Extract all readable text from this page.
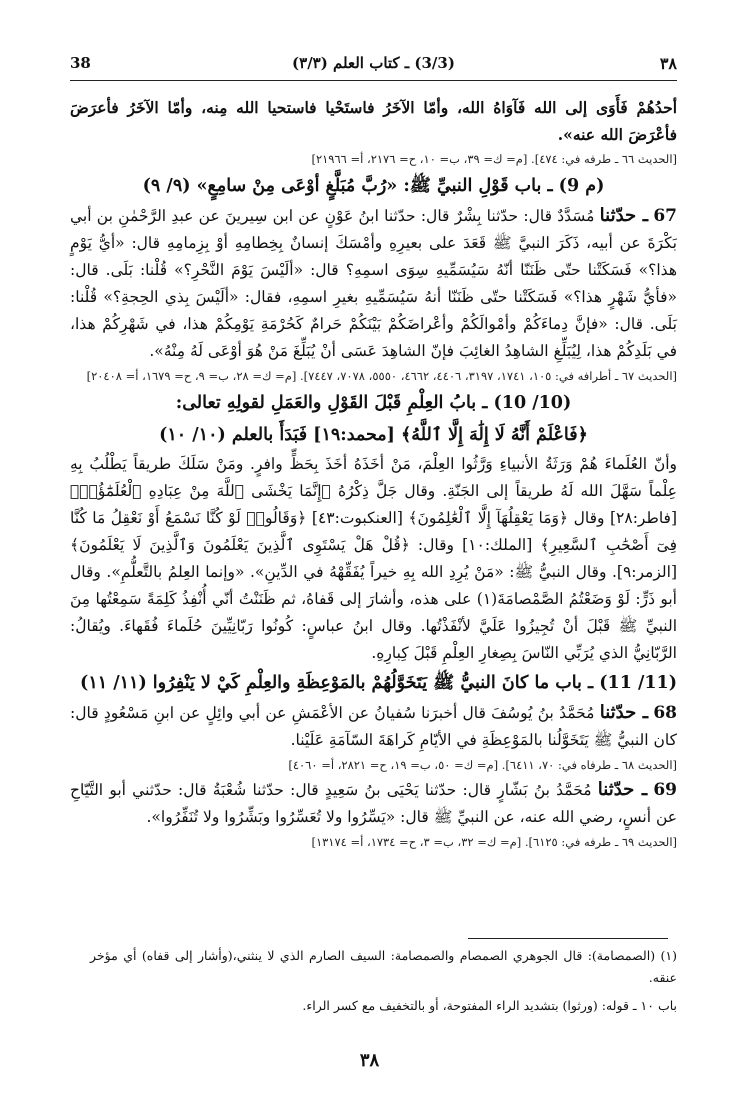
38	(3/3) ـ كتاب العلم (٣/٣)	٣٨

أحدُهُمْ فَأَوَى إلى الله فَآوَاهُ الله، وأمّا الآخَرُ فاستَحْيا فاستحيا الله مِنه، وأمّا الآخَرُ فأعرَضَ فأعْرَضَ الله عنه».

[الحديث ٦٦ ـ طرفه في: ٤٧٤]. [م= ك= ٣٩، ب= ١٠، ح= ٢١٧٦، أ= ٢١٩٦٦]

(م 9) ـ باب قَوْلِ النبيِّ ﷺ: «رُبَّ مُبَلَّغٍ أوْعَى مِنْ سامِعٍ» (٩/ ٩)

67 ـ حدّثنا مُسَدَّدٌ قال: حدّثنا بِشْرٌ قال: حدّثنا ابنُ عَوْنٍ عن ابن سِيرينَ عن عبدِ الرَّحْمٰنِ بن أبي بَكْرَةَ عن أبيه، ذَكَرَ النبيَّ ﷺ قَعَدَ على بعيرِهِ وأمْسَكَ إنسانٌ بِخِطامِهِ أوْ بِزِمامِهِ قال: «أيُّ يَوْمٍ هذا؟» فَسَكَتْنا حتّى ظَنَنّا أنّهُ سَيُسَمِّيهِ سِوَى اسمِهِ؟ قال: «ألَيْسَ يَوْمَ النَّحْرِ؟» قُلْنا: بَلَى. قال: «فأيُّ شَهْرٍ هذا؟» فَسَكَتْنا حتّى ظَنَنّا أنهُ سَيُسَمِّيهِ بغيرِ اسمِهِ، فقال: «ألَيْسَ بِذي الحِجةِ؟» قُلْنا: بَلَى. قال: «فإنَّ دِماءَكُمْ وأمْوالَكُمْ وأعْراضَكُمْ بَيْنَكُمْ حَرامٌ كَحُرْمَةِ يَوْمِكُمْ هذا، في شَهْرِكُمْ هذا، في بَلَدِكُمْ هذا، لِيُبَلِّغِ الشاهِدُ الغائِبَ فإنّ الشاهِدَ عَسَى أنْ يُبَلِّغَ مَنْ هُوَ أوْعَى لَهُ مِنْهُ».

[الحديث ٦٧ ـ أطرافه في: ١٠٥، ١٧٤١، ٣١٩٧، ٤٤٠٦، ٤٦٦٢، ٥٥٥٠، ٧٠٧٨، ٧٤٤٧]. [م= ك= ٢٨، ب= ٩، ح= ١٦٧٩، أ= ٢٠٤٠٨]

(10/ 10) ـ بابُ العِلْمِ قَبْلَ القَوْلِ والعَمَلِ لقولِهِ تعالى:

﴿فَاعْلَمْ أَنَّهُ لَا إِلَٰهَ إِلَّا ٱللَّهُ﴾ [محمد:١٩] فَبَدَأَ بالعلم (١٠/ ١٠)

وأنّ العُلَماءَ هُمْ وَرَثَةُ الأنبياءِ وَرَّثُوا العِلْمَ، مَنْ أخَذَهُ أخَذَ بِحَظٍّ وافرٍ. ومَنْ سَلَكَ طريقاً يَطْلُبُ بِهِ عِلْماً سَهَّلَ الله لَهُ طريقاً إلى الجَنّةِ. وقال جَلَّ ذِكْرُهُ ﴿إِنَّمَا يَخْشَى ٱللَّهَ مِنْ عِبَادِهِ ٱلْعُلَمَٰٓؤُا۟﴾ [فاطر:٢٨] وقال ﴿وَمَا يَعْقِلُهَآ إِلَّا ٱلْعَٰلِمُونَ﴾ [العنكبوت:٤٣] ﴿وَقَالُوا۟ لَوْ كُنَّا نَسْمَعُ أَوْ نَعْقِلُ مَا كُنَّا فِىٓ أَصْحَٰبِ ٱلسَّعِيرِ﴾ [الملك:١٠] وقال: ﴿قُلْ هَلْ يَسْتَوِى ٱلَّذِينَ يَعْلَمُونَ وَٱلَّذِينَ لَا يَعْلَمُونَ﴾ [الزمر:٩]. وقال النبيُّ ﷺ: «مَنْ يُرِدِ الله بِهِ خيراً يُفَقِّهْهُ في الدِّينِ». «وإنما العِلمُ بالتَّعلُّمِ». وقال أبو ذَرٍّ: لَوْ وَضَعْتُمُ الصَّمْصامَةَ(١) على هذه، وأشارَ إلى قَفاهُ، ثم ظَنَنْتُ أنّي أُنْفِذُ كَلِمَةً سَمِعْتُها مِنَ النبيِّ ﷺ قَبْلَ أنْ تُجِيزُوا عَلَيَّ لأنْفَذْتُها. وقال ابنُ عباسٍ: كُونُوا رَبّانِيِّينَ حُلَماءَ فُقَهاءَ. ويُقالُ: الرَّبّانِيُّ الذي يُرَبِّي النّاسَ بِصِغارِ العِلْمِ قَبْلَ كِبارِهِ.

(11/ 11) ـ باب ما كانَ النبيُّ ﷺ يَتَخَوَّلُهُمْ بالمَوْعِظَةِ والعِلْمِ كَيْ لا يَنْفِرُوا (١١/ ١١)

68 ـ حدّثنا مُحَمَّدُ بنُ يُوسُفَ قال أخبرَنا سُفيانُ عن الأعْمَشِ عن أبي وائِلٍ عن ابنِ مَسْعُودٍ قال: كان النبيُّ ﷺ يَتَخَوَّلُنا بالمَوْعِظَةِ في الأيّامِ كَراهَةَ السّآمَةِ عَلَيْنا.

[الحديث ٦٨ ـ طرفاه في: ٧٠، ٦٤١١]. [م= ك= ٥٠، ب= ١٩، ح= ٢٨٢١، أ= ٤٠٦٠]

69 ـ حدّثنا مُحَمَّدُ بنُ بَشّارٍ قال: حدّثنا يَحْيَى بنُ سَعِيدٍ قال: حدّثنا شُعْبَةُ قال: حدّثني أبو التَّيّاحِ عن أنسٍ، رضي الله عنه، عن النبيِّ ﷺ قال: «يَسِّرُوا ولا تُعَسِّرُوا وبَشِّرُوا ولا تُنَفِّرُوا».

[الحديث ٦٩ ـ طرفه في: ٦١٢٥]. [م= ك= ٣٢، ب= ٣، ح= ١٧٣٤، أ= ١٣١٧٤]

(١) (الصمصامة): قال الجوهري الصمصام والصمصامة: السيف الصارم الذي لا ينثني،(وأشار إلى قفاه) أي مؤخر عنقه.

باب ١٠ ـ قوله: (ورثوا) بتشديد الراء المفتوحة، أو بالتخفيف مع كسر الراء.

٣٨
